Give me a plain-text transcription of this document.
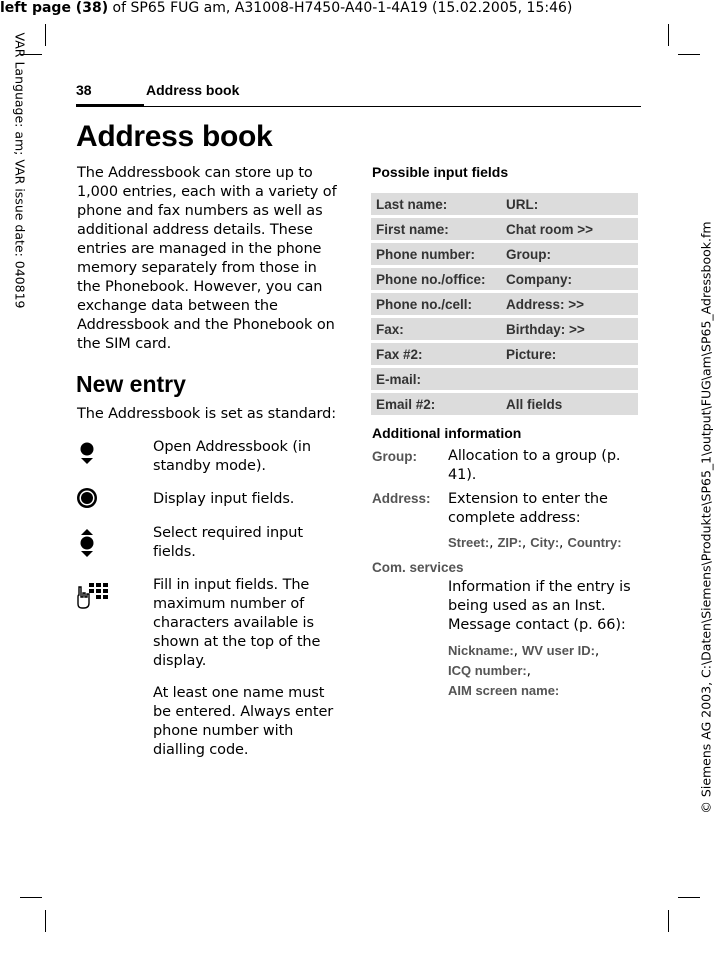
left page (38) of SP65 FUG am, A31008-H7450-A40-1-4A19 (15.02.2005, 15:46)
VAR Language: am; VAR issue date: 040819
© Siemens AG 2003, C:\Daten\Siemens\Produkte\SP65_1\output\FUG\am\SP65_Adressbook.fm
38	Address book
Address book
The Addressbook can store up to 1,000 entries, each with a variety of phone and fax numbers as well as additional address details. These entries are managed in the phone memory separately from those in the Phonebook. However, you can exchange data between the Addressbook and the Phonebook on the SIM card.
New entry
The Addressbook is set as standard:
Open Addressbook (in standby mode).
Display input fields.
Select required input fields.
Fill in input fields. The maximum number of characters available is shown at the top of the display.
At least one name must be entered. Always enter phone number with dialling code.
Possible input fields
Last name:	URL:
First name:	Chat room >>
Phone number:	Group:
Phone no./office:	Company:
Phone no./cell:	Address: >>
Fax:	Birthday: >>
Fax #2:	Picture:
E-mail:
Email #2:	All fields
Additional information
Group: Allocation to a group (p. 41).
Address: Extension to enter the complete address:
Street:, ZIP:, City:, Country:
Com. services
Information if the entry is being used as an Inst. Message contact (p. 66):
Nickname:, WV user ID:,
ICQ number:,
AIM screen name:
